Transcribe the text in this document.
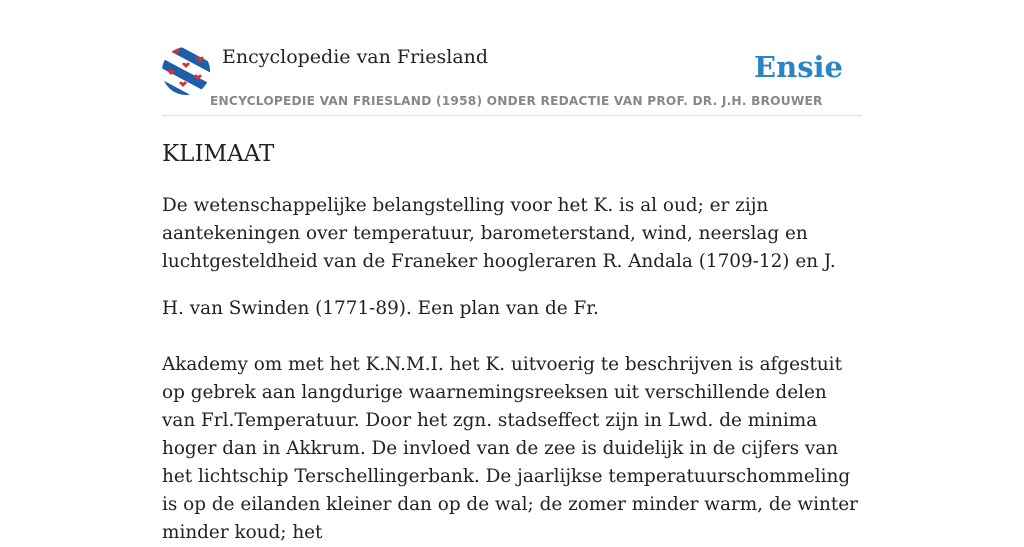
Encyclopedie van Friesland	Ensie
ENCYCLOPEDIE VAN FRIESLAND (1958) ONDER REDACTIE VAN PROF. DR. J.H. BROUWER
KLIMAAT

De wetenschappelijke belangstelling voor het K. is al oud; er zijn aantekeningen over temperatuur, barometerstand, wind, neerslag en luchtgesteldheid van de Franeker hoogleraren R. Andala (1709-12) en J.

H. van Swinden (1771-89). Een plan van de Fr.

Akademy om met het K.N.M.I. het K. uitvoerig te beschrijven is afgestuit op gebrek aan langdurige waarnemingsreeksen uit verschillende delen van Frl.Temperatuur. Door het zgn. stadseffect zijn in Lwd. de minima hoger dan in Akkrum. De invloed van de zee is duidelijk in de cijfers van het lichtschip Terschellingerbank. De jaarlijkse temperatuurschommeling is op de eilanden kleiner dan op de wal; de zomer minder warm, de winter minder koud; het
